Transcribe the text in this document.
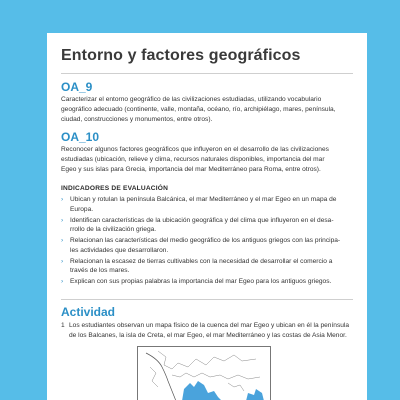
Entorno y factores geográficos
OA_9
Caracterizar el entorno geográfico de las civilizaciones estudiadas, utilizando vocabulario
geográfico adecuado (continente, valle, montaña, océano, río, archipiélago, mares, península,
ciudad, construcciones y monumentos, entre otros).
OA_10
Reconocer algunos factores geográficos que influyeron en el desarrollo de las civilizaciones
estudiadas (ubicación, relieve y clima, recursos naturales disponibles, importancia del mar
Egeo y sus islas para Grecia, importancia del mar Mediterráneo para Roma, entre otros).
INDICADORES DE EVALUACIÓN
› Ubican y rotulan la península Balcánica, el mar Mediterráneo y el mar Egeo en un mapa de
Europa.
› Identifican características de la ubicación geográfica y del clima que influyeron en el desa-
rrollo de la civilización griega.
› Relacionan las características del medio geográfico de los antiguos griegos con las principa-
les actividades que desarrollaron.
› Relacionan la escasez de tierras cultivables con la necesidad de desarrollar el comercio a
través de los mares.
› Explican con sus propias palabras la importancia del mar Egeo para los antiguos griegos.
Actividad
1 Los estudiantes observan un mapa físico de la cuenca del mar Egeo y ubican en él la península
de los Balcanes, la isla de Creta, el mar Egeo, el mar Mediterráneo y las costas de Asia Menor.
